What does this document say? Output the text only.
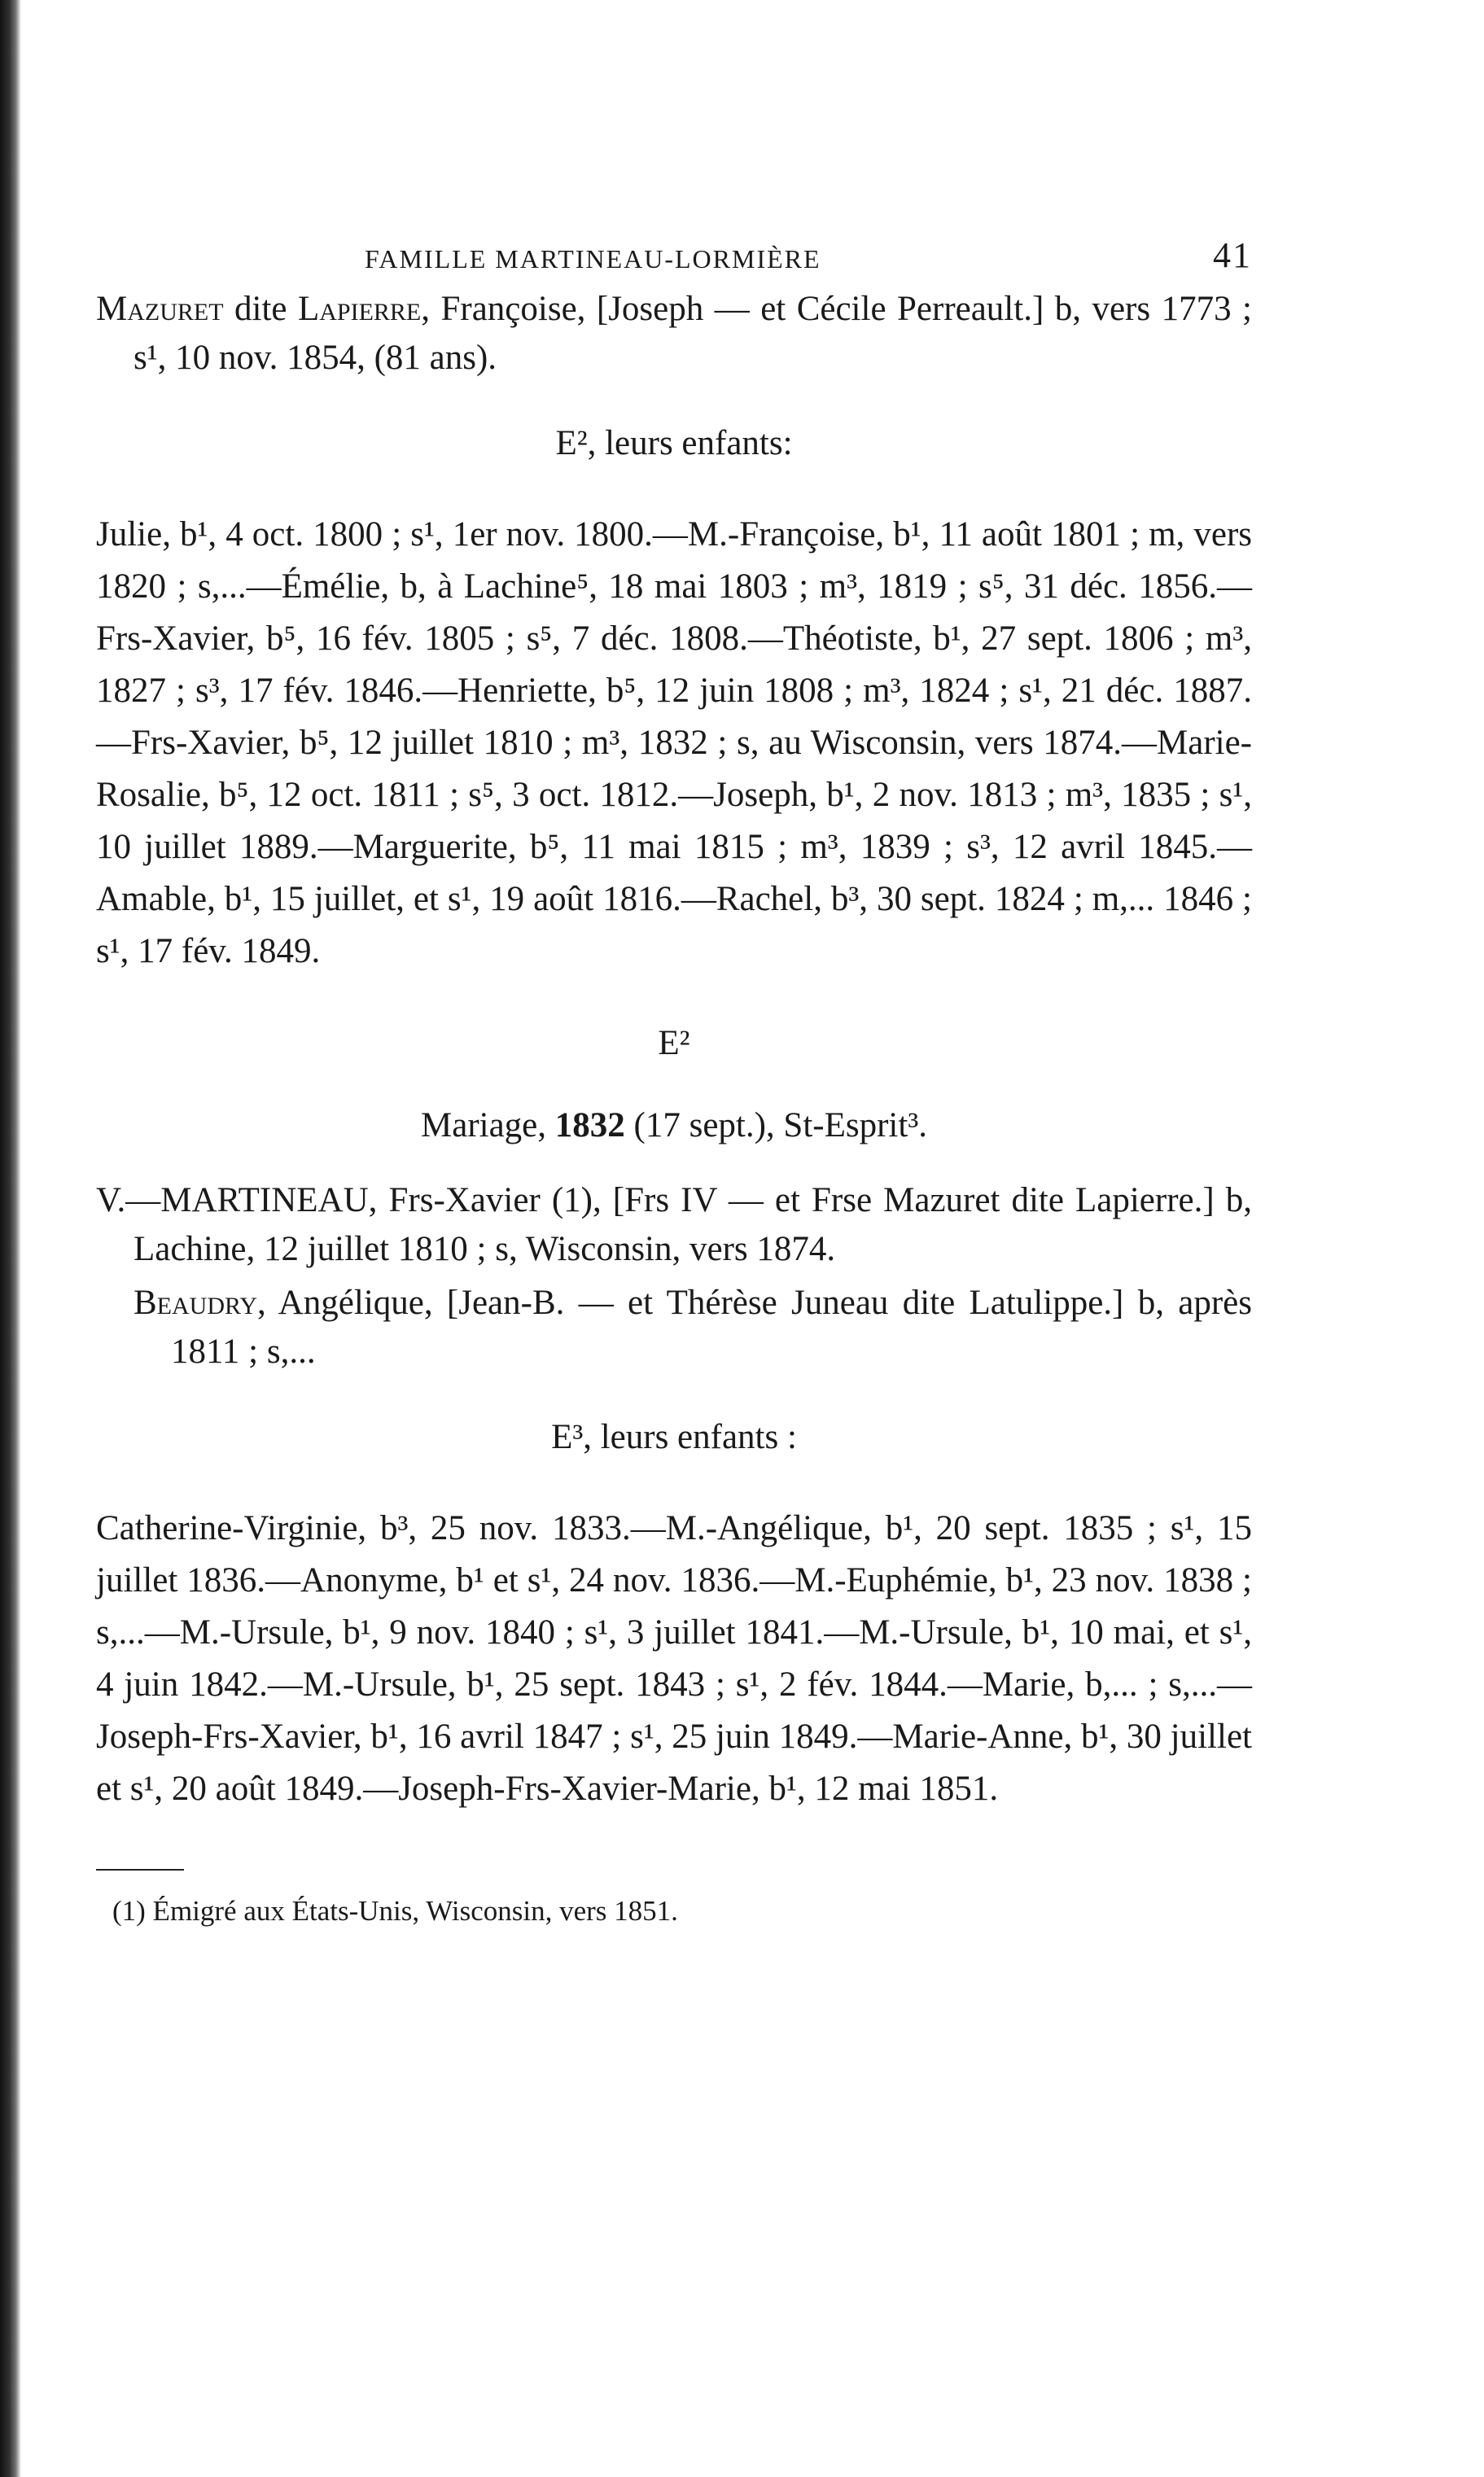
FAMILLE MARTINEAU-LORMIÈRE	41

Mazuret dite Lapierre, Françoise, [Joseph — et Cécile Perreault.] b, vers 1773 ; s¹, 10 nov. 1854, (81 ans).

E², leurs enfants:

Julie, b¹, 4 oct. 1800 ; s¹, 1er nov. 1800.—M.-Françoise, b¹, 11 août 1801 ; m, vers 1820 ; s,...—Émélie, b, à Lachine⁵, 18 mai 1803 ; m³, 1819 ; s⁵, 31 déc. 1856.—Frs-Xavier, b⁵, 16 fév. 1805 ; s⁵, 7 déc. 1808.—Théotiste, b¹, 27 sept. 1806 ; m³, 1827 ; s³, 17 fév. 1846.—Henriette, b⁵, 12 juin 1808 ; m³, 1824 ; s¹, 21 déc. 1887.—Frs-Xavier, b⁵, 12 juillet 1810 ; m³, 1832 ; s, au Wisconsin, vers 1874.—Marie-Rosalie, b⁵, 12 oct. 1811 ; s⁵, 3 oct. 1812.—Joseph, b¹, 2 nov. 1813 ; m³, 1835 ; s¹, 10 juillet 1889.—Marguerite, b⁵, 11 mai 1815 ; m³, 1839 ; s³, 12 avril 1845.—Amable, b¹, 15 juillet, et s¹, 19 août 1816.—Rachel, b³, 30 sept. 1824 ; m,... 1846 ; s¹, 17 fév. 1849.

E²

Mariage, 1832 (17 sept.), St-Esprit³.

V.—MARTINEAU, Frs-Xavier (1), [Frs IV — et Frse Mazuret dite Lapierre.] b, Lachine, 12 juillet 1810 ; s, Wisconsin, vers 1874.

Beaudry, Angélique, [Jean-B. — et Thérèse Juneau dite Latulippe.] b, après 1811 ; s,...

E³, leurs enfants :

Catherine-Virginie, b³, 25 nov. 1833.—M.-Angélique, b¹, 20 sept. 1835 ; s¹, 15 juillet 1836.—Anonyme, b¹ et s¹, 24 nov. 1836.—M.-Euphémie, b¹, 23 nov. 1838 ; s,...—M.-Ursule, b¹, 9 nov. 1840 ; s¹, 3 juillet 1841.—M.-Ursule, b¹, 10 mai, et s¹, 4 juin 1842.—M.-Ursule, b¹, 25 sept. 1843 ; s¹, 2 fév. 1844.—Marie, b,... ; s,...—Joseph-Frs-Xavier, b¹, 16 avril 1847 ; s¹, 25 juin 1849.—Marie-Anne, b¹, 30 juillet et s¹, 20 août 1849.—Joseph-Frs-Xavier-Marie, b¹, 12 mai 1851.

(1) Émigré aux États-Unis, Wisconsin, vers 1851.
